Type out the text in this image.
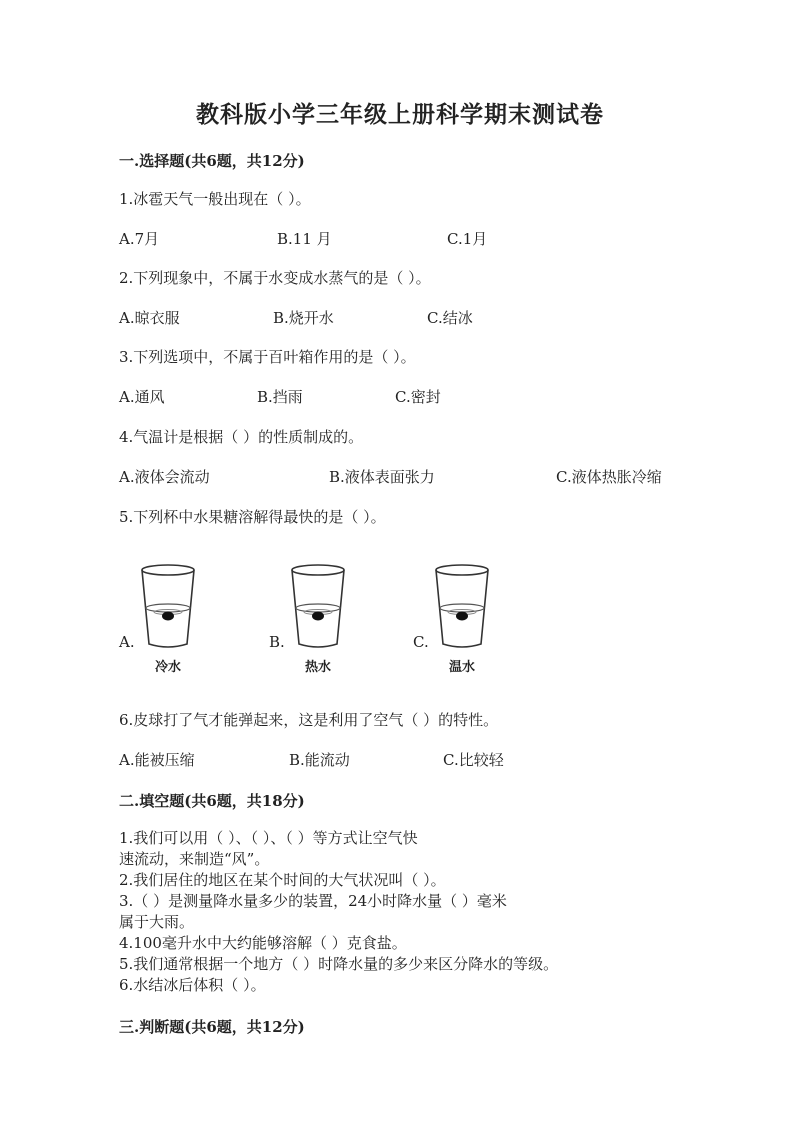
教科版小学三年级上册科学期末测试卷
一.选择题(共6题，共12分)
1.冰雹天气一般出现在（ ）。
A.7月	B.11 月	C.1月
2.下列现象中，不属于水变成水蒸气的是（ ）。
A.晾衣服	B.烧开水	C.结冰
3.下列选项中，不属于百叶箱作用的是（ ）。
A.通风	B.挡雨	C.密封
4.气温计是根据（ ）的性质制成的。
A.液体会流动	B.液体表面张力	C.液体热胀冷缩
5.下列杯中水果糖溶解得最快的是（ ）。
A.
冷水
B.
热水
C.
温水
6.皮球打了气才能弹起来，这是利用了空气（ ）的特性。
A.能被压缩	B.能流动	C.比较轻
二.填空题(共6题，共18分)
1.我们可以用（ ）、（ ）、（ ）等方式让空气快
速流动，来制造“风”。
2.我们居住的地区在某个时间的大气状况叫（ ）。
3.（ ）是测量降水量多少的装置，24小时降水量（ ）毫米
属于大雨。
4.100毫升水中大约能够溶解（ ）克食盐。
5.我们通常根据一个地方（ ）时降水量的多少来区分降水的等级。
6.水结冰后体积（ ）。
三.判断题(共6题，共12分)
